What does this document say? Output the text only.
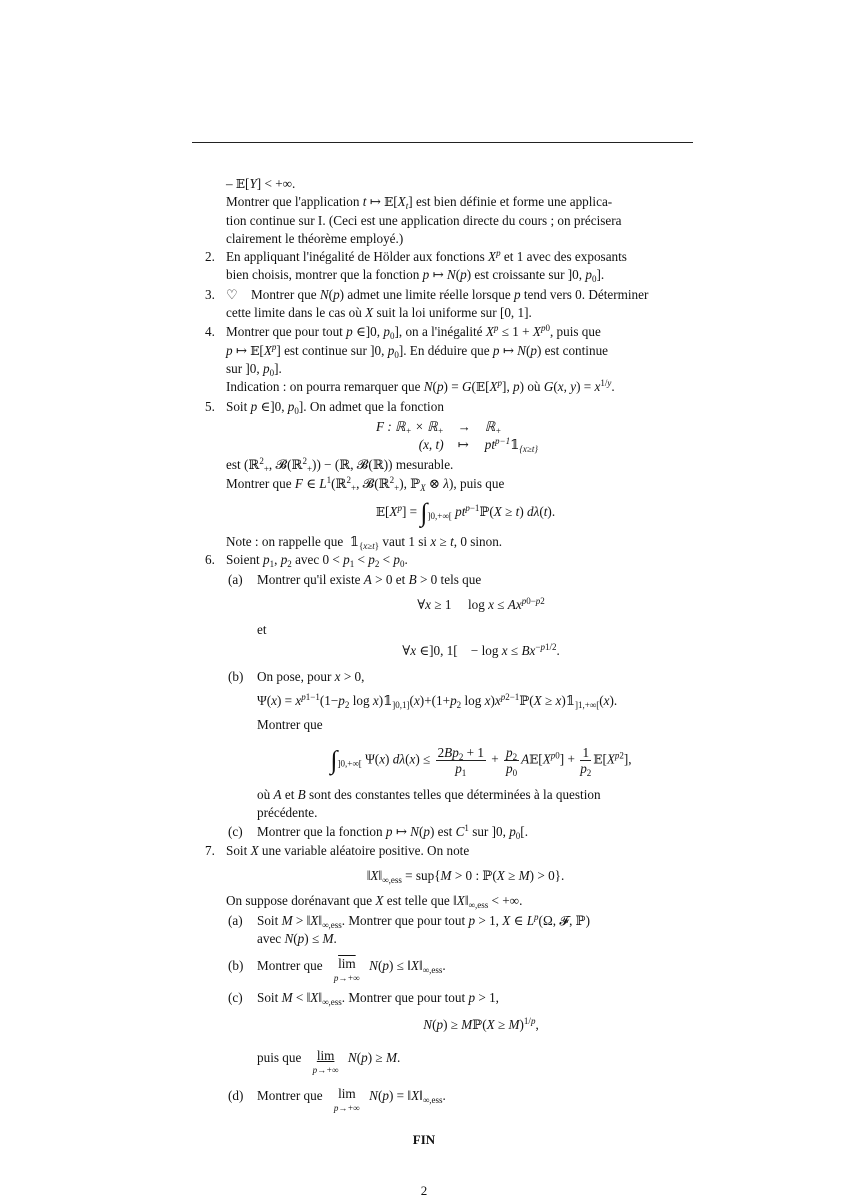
– 𝔼[Y] < +∞.

Montrer que l'application t ↦ $𝔼[X_t]$ est bien définie et forme une applica-

tion continue sur I. (Ceci est une application directe du cours ; on précisera

clairement le théorème employé.)

2. En appliquant l'inégalité de Hölder aux fonctions $X^p$ et 1 avec des exposants

bien choisis, montrer que la fonction p ↦ N(p) est croissante sur ]0, $p_0$].

3. ♡    Montrer que N(p) admet une limite réelle lorsque p tend vers 0. Déterminer

cette limite dans le cas où X suit la loi uniforme sur [0, 1].

4. Montrer que pour tout p ∈]0, $p_0$], on a l'inégalité $X^p \le 1 + X^{p0}$, puis que

p ↦ $𝔼[X^p]$ est continue sur ]0, $p_0$]. En déduire que p ↦ N(p) est continue

sur ]0, $p_0$].

Indication : on pourra remarquer que $N(p) = G(𝔼[X^p]$, p) où G(x, $y) = x^{1/y}$.

5. Soit p ∈]0, $p_0$]. On admet que la fonction

F : ℝ$_+$ × ℝ$_+$	→	ℝ$_+$
(x, t)	↦	$pt^{p-1}𝟙_{\{x\ge t\}}$

est (ℝ$^2_+$, 𝓑(ℝ$^2_+$)) − (ℝ, 𝓑(ℝ)) mesurable.

Montrer que F ∈ $L^1(ℝ^2_+$, 𝓑(ℝ$^2_+$), ℙ$_X$ ⊗ λ), puis que

$𝔼[X^p] = \int_{]0,+\infty[}$ $pt^{p-1}ℙ(X \ge t)$ dλ(t).

Note : on rappelle que  $𝟙_{\{x\ge t\}}$ vaut 1 si x ≥ t, 0 sinon.

6. Soient $p_1$, $p_2$ avec $0 < p_1 < p_2 < p_0$.

(a)	Montrer qu'il existe A > 0 et B > 0 tels que

∀x ≥ 1     $\log x \le Ax^{p0-p2}$

et

∀x ∈]0, 1[    − $\log x \le Bx^{-p1/2}$.
(b)	On pose, pour x > 0,

$\Psi(x) = x^{p1-1}(1-p_2$ $\log x)𝟙_{]0,1]}(x)+(1+p_2$ $\log x)x^{p2-1}ℙ(X$ ≥ $x)𝟙_{]1,+\infty[}(x)$.

Montrer que

$\int_{]0,+\infty[}$ Ψ(x) $d\lambda(x) \le \frac{2Bp_2 + 1}{p_1} + \frac{p_2}{p_0}$ $A𝔼[X^{p0}] + \frac{1}{p_2}$ $𝔼[X^{p2}]$,

où A et B sont des constantes telles que déterminées à la question

précédente.

(c)	Montrer que la fonction p ↦ N(p) est $C^1$ sur ]0, $p_0$[.

7. Soit X une variable aléatoire positive. On note

$‖X‖_{\infty,ess} = sup\{M > 0$ : ℙ(X ≥ M) > 0}.

On suppose dorénavant que X est telle que $‖X‖_{\infty,ess}$ < +∞.

(a)	Soit $M > ‖X‖_{\infty,ess}$. Montrer que pour tout p > 1, X ∈ $L^p(\Omega$, 𝓕, ℙ)

avec N(p) ≤ M.

(b)	Montrer que $\overline{lim}$
p→+∞
$N(p) \le ‖X‖_{\infty,ess}$.

(c)	Soit $M < ‖X‖_{\infty,ess}$. Montrer que pour tout p > 1,

N(p) ≥ Mℙ(X ≥ M)$^{1/p}$,

puis que lim
p→+∞
N(p) ≥ M.

(d)	Montrer que lim
p→+∞
$N(p) = ‖X‖_{\infty,ess}$.

FIN
2
